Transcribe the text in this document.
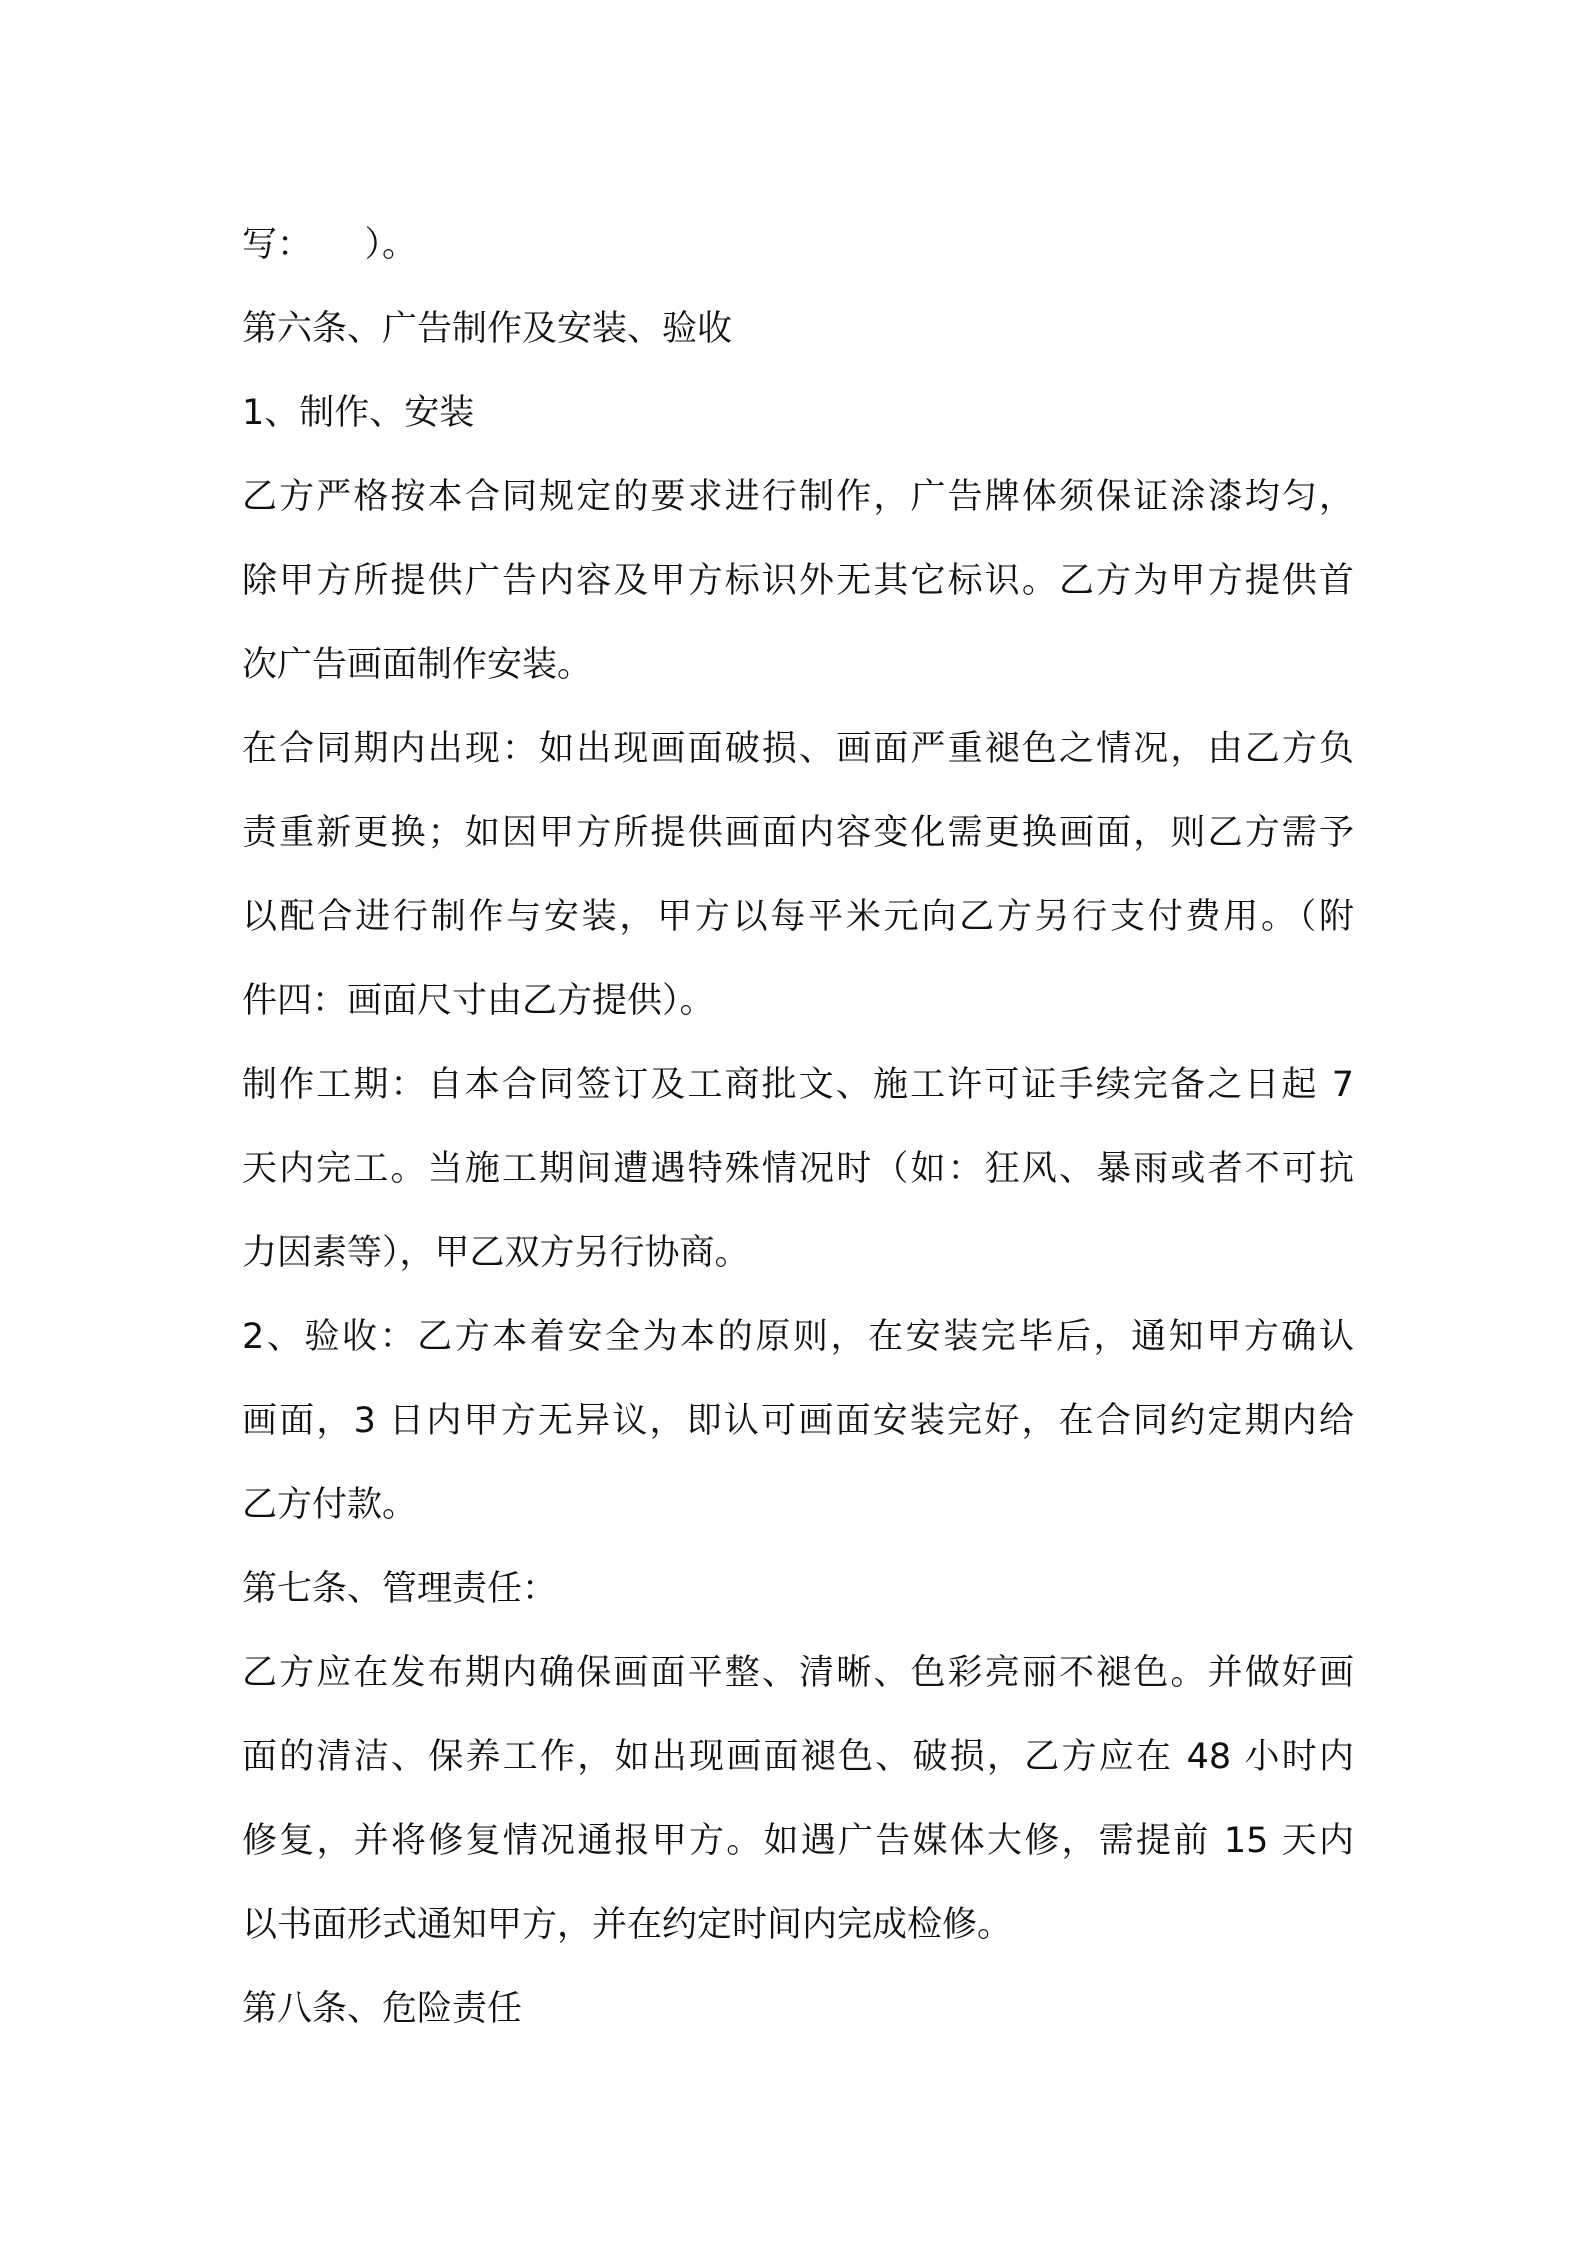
写：　　）。

第六条、广告制作及安装、验收

1、制作、安装

乙方严格按本合同规定的要求进行制作，广告牌体须保证涂漆均匀，

除甲方所提供广告内容及甲方标识外无其它标识。乙方为甲方提供首

次广告画面制作安装。

在合同期内出现：如出现画面破损、画面严重褪色之情况，由乙方负

责重新更换；如因甲方所提供画面内容变化需更换画面，则乙方需予

以配合进行制作与安装，甲方以每平米元向乙方另行支付费用。（附

件四：画面尺寸由乙方提供）。

制作工期：自本合同签订及工商批文、施工许可证手续完备之日起 7

天内完工。当施工期间遭遇特殊情况时（如：狂风、暴雨或者不可抗

力因素等），甲乙双方另行协商。

2、验收：乙方本着安全为本的原则，在安装完毕后，通知甲方确认

画面，3 日内甲方无异议，即认可画面安装完好，在合同约定期内给

乙方付款。

第七条、管理责任：

乙方应在发布期内确保画面平整、清晰、色彩亮丽不褪色。并做好画

面的清洁、保养工作，如出现画面褪色、破损，乙方应在 48 小时内

修复，并将修复情况通报甲方。如遇广告媒体大修，需提前 15 天内

以书面形式通知甲方，并在约定时间内完成检修。

第八条、危险责任
